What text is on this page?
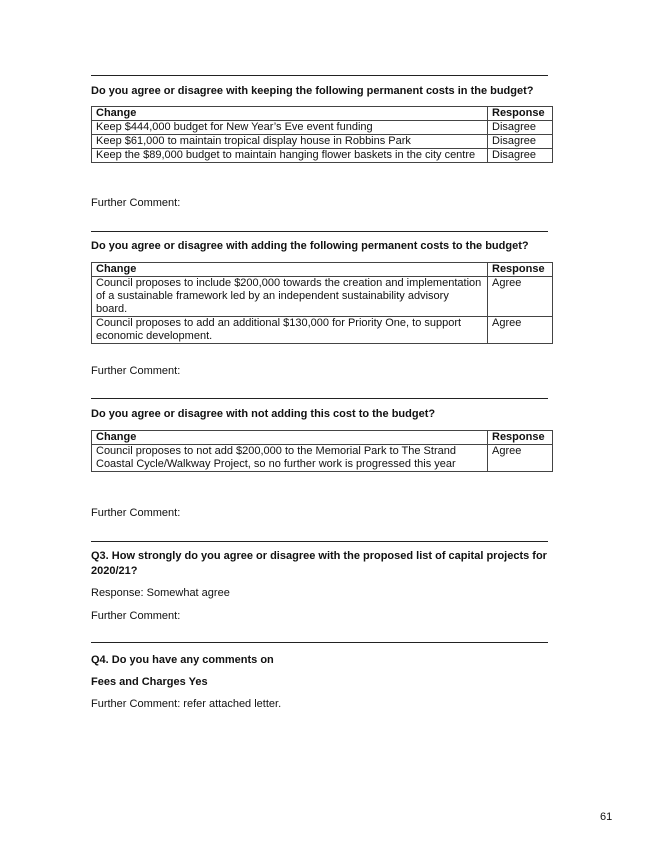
Do you agree or disagree with keeping the following permanent costs in the budget?
Change	Response
Keep $444,000 budget for New Year’s Eve event funding	Disagree
Keep $61,000 to maintain tropical display house in Robbins Park	Disagree
Keep the $89,000 budget to maintain hanging flower baskets in the city centre	Disagree
Further Comment:
Do you agree or disagree with adding the following permanent costs to the budget?
Change	Response
Council proposes to include $200,000 towards the creation and implementation of a sustainable framework led by an independent sustainability advisory board.	Agree
Council proposes to add an additional $130,000 for Priority One, to support economic development.	Agree
Further Comment:
Do you agree or disagree with not adding this cost to the budget?
Change	Response
Council proposes to not add $200,000 to the Memorial Park to The Strand Coastal Cycle/Walkway Project, so no further work is progressed this year	Agree
Further Comment:
Q3. How strongly do you agree or disagree with the proposed list of capital projects for 2020/21?
Response: Somewhat agree
Further Comment:
Q4. Do you have any comments on
Fees and Charges Yes
Further Comment: refer attached letter.
61
